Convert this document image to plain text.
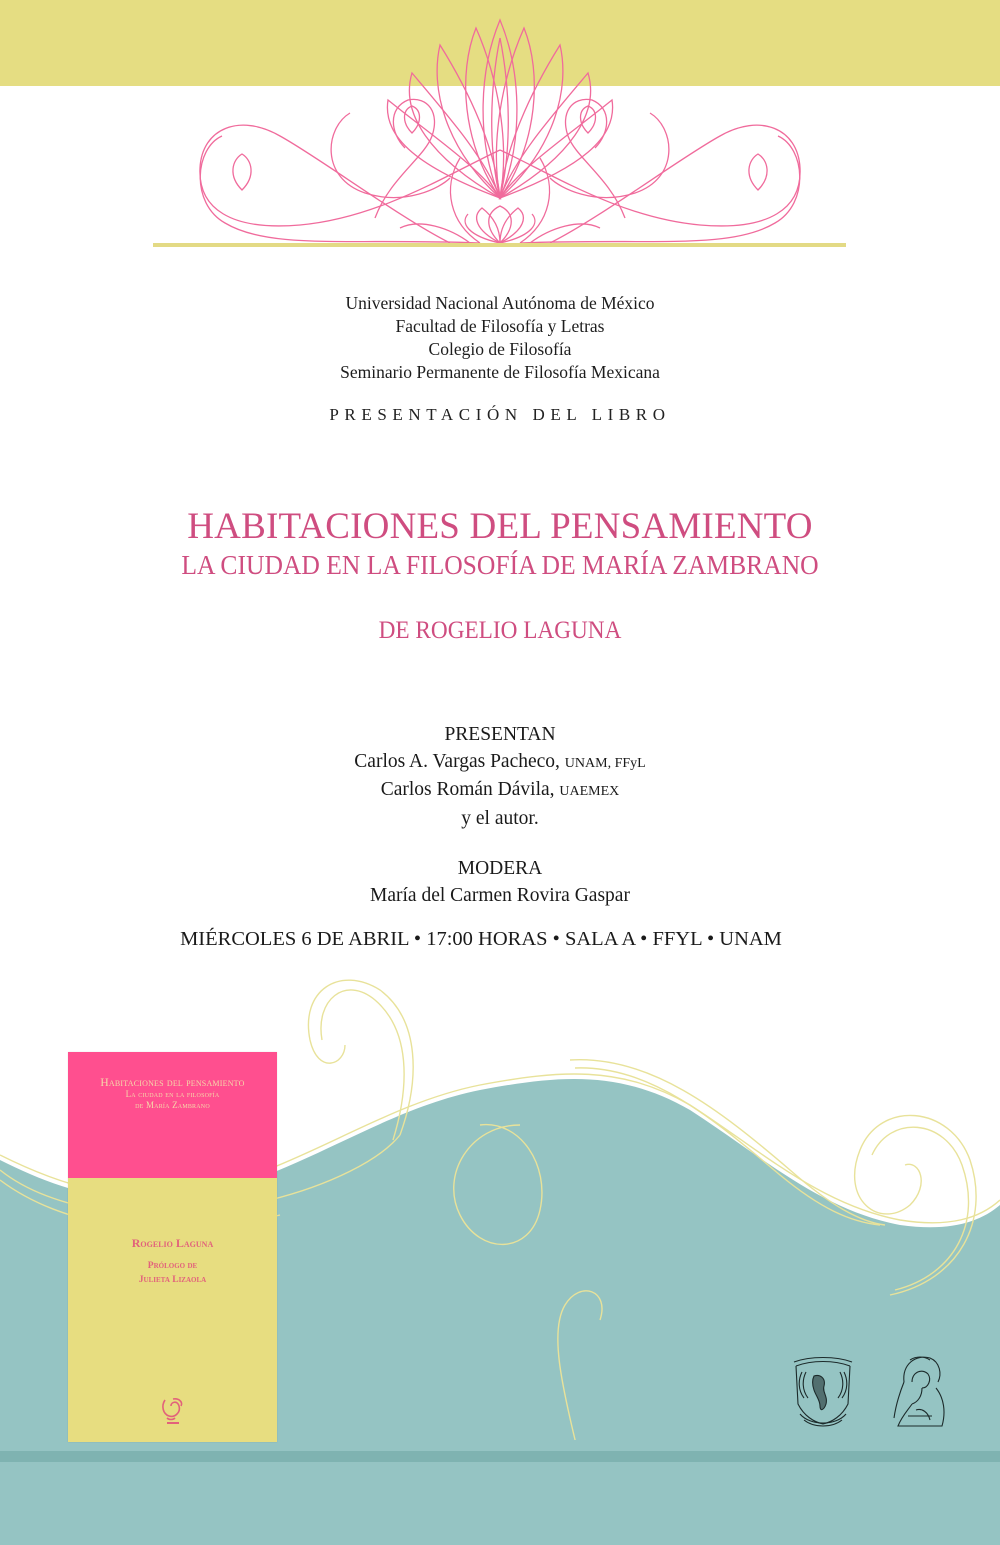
Universidad Nacional Autónoma de México
Facultad de Filosofía y Letras
Colegio de Filosofía
Seminario Permanente de Filosofía Mexicana
PRESENTACIÓN DEL LIBRO
HABITACIONES DEL PENSAMIENTO
LA CIUDAD EN LA FILOSOFÍA DE MARÍA ZAMBRANO
DE ROGELIO LAGUNA
PRESENTAN
Carlos A. Vargas Pacheco, UNAM, FFyL
Carlos Román Dávila, UAEMEX
y el autor.
MODERA
María del Carmen Rovira Gaspar
MIÉRCOLES 6 DE ABRIL • 17:00 HORAS • SALA A • FFYL • UNAM
Habitaciones del pensamiento
La ciudad en la filosofía
de María Zambrano
Rogelio Laguna
Prólogo de
Julieta Lizaola
